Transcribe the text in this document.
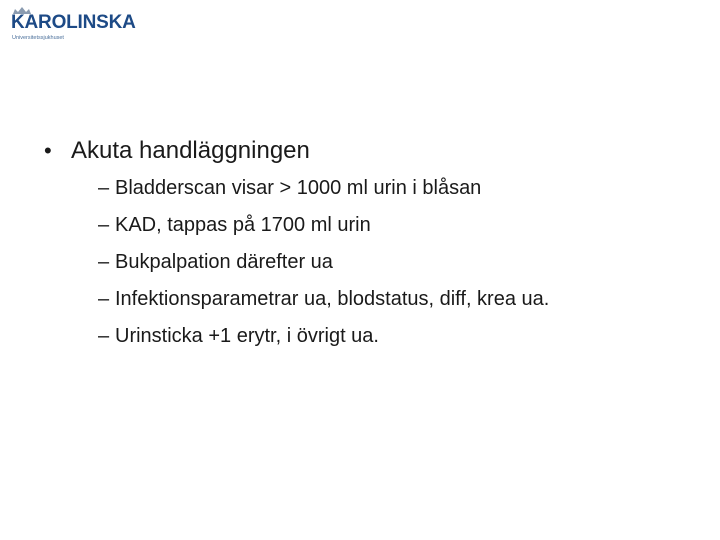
KAROLINSKA
Universitetssjukhuset
• Akuta handläggningen
– Bladderscan visar > 1000 ml urin i blåsan
– KAD, tappas på 1700 ml urin
– Bukpalpation därefter ua
– Infektionsparametrar ua, blodstatus, diff, krea ua.
– Urinsticka +1 erytr, i övrigt ua.
